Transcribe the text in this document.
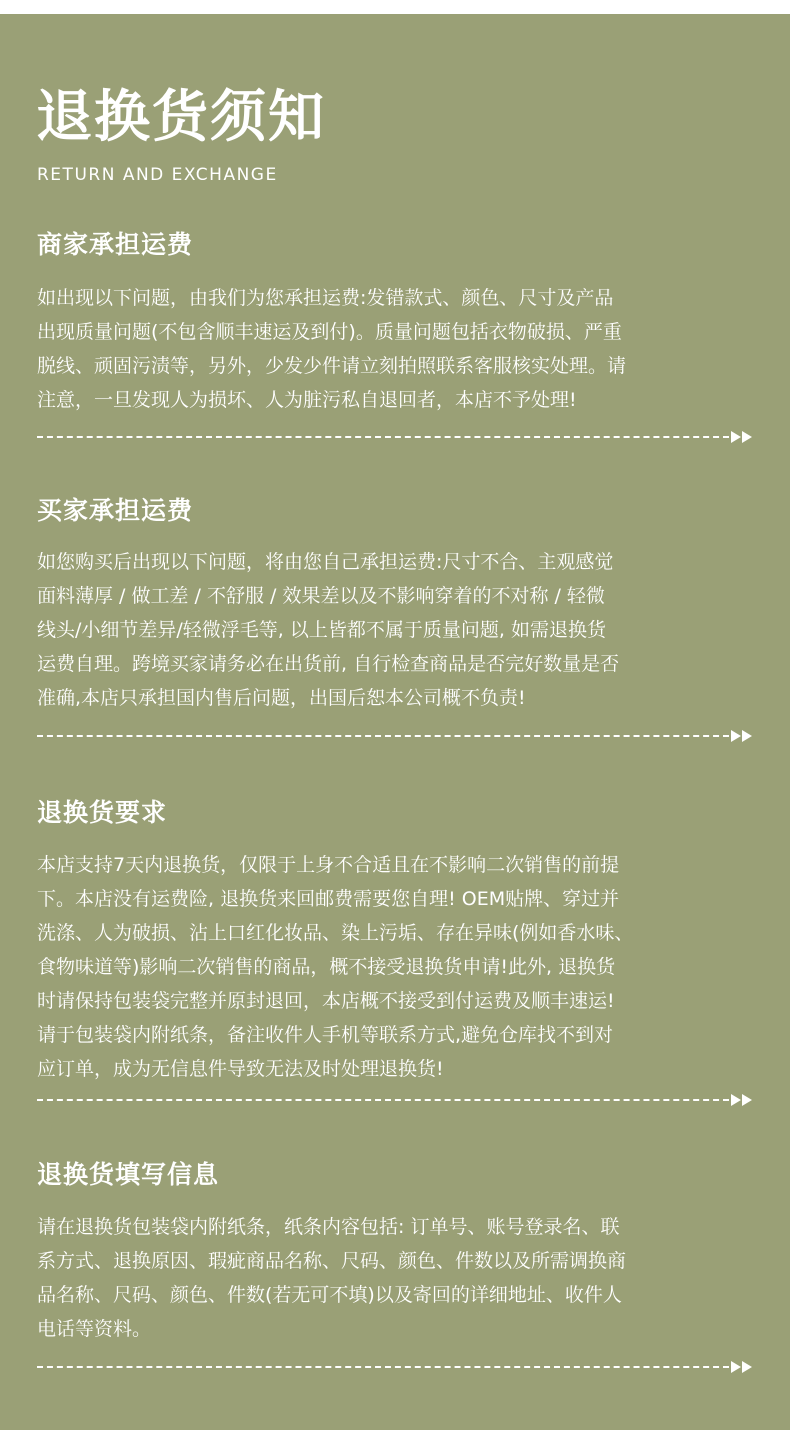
退换货须知
RETURN AND EXCHANGE
商家承担运费
如出现以下问题，由我们为您承担运费:发错款式、颜色、尺寸及产品
出现质量问题(不包含顺丰速运及到付)。质量问题包括衣物破损、严重
脱线、顽固污渍等，另外，少发少件请立刻拍照联系客服核实处理。请
注意，一旦发现人为损坏、人为脏污私自退回者，本店不予处理!
买家承担运费
如您购买后出现以下问题，将由您自己承担运费:尺寸不合、主观感觉
面料薄厚 / 做工差 / 不舒服 / 效果差以及不影响穿着的不对称 / 轻微
线头/小细节差异/轻微浮毛等, 以上皆都不属于质量问题, 如需退换货
运费自理。跨境买家请务必在出货前, 自行检查商品是否完好数量是否
准确,本店只承担国内售后问题，出国后恕本公司概不负责!
退换货要求
本店支持7天内退换货，仅限于上身不合适且在不影响二次销售的前提
下。本店没有运费险, 退换货来回邮费需要您自理! OEM贴牌、穿过并
洗涤、人为破损、沾上口红化妆品、染上污垢、存在异味(例如香水味、
食物味道等)影响二次销售的商品，概不接受退换货申请!此外, 退换货
时请保持包装袋完整并原封退回，本店概不接受到付运费及顺丰速运!
请于包装袋内附纸条，备注收件人手机等联系方式,避免仓库找不到对
应订单，成为无信息件导致无法及时处理退换货!
退换货填写信息
请在退换货包装袋内附纸条，纸条内容包括: 订单号、账号登录名、联
系方式、退换原因、瑕疵商品名称、尺码、颜色、件数以及所需调换商
品名称、尺码、颜色、件数(若无可不填)以及寄回的详细地址、收件人
电话等资料。
